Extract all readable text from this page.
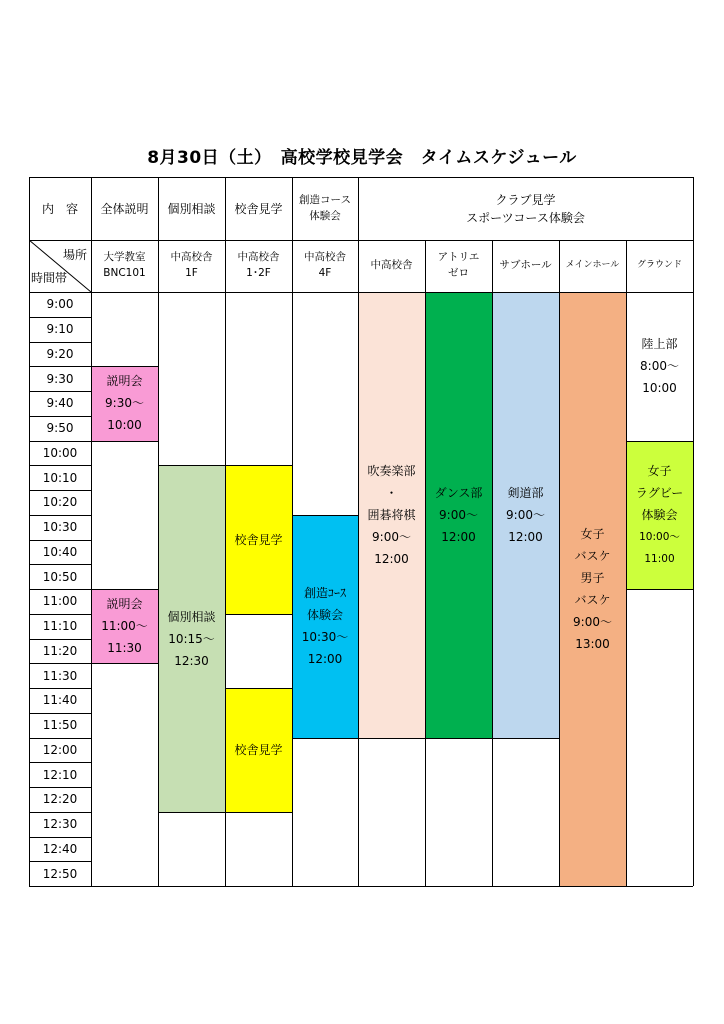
8月30日（土）　高校学校見学会　タイムスケジュール
説明会
9:30～
10:00
説明会
11:00～
11:30
個別相談
10:15～
12:30
校舎見学
校舎見学
創造ｺｰｽ
体験会
10:30～
12:00
吹奏楽部
・
囲碁将棋
9:00～
12:00
ダンス部
9:00～
12:00
剣道部
9:00～
12:00	女子
バスケ
男子
バスケ
9:00～
13:00
陸上部
8:00～
10:00
女子
ラグビー
体験会
10:00～
11:00
内　容 全体説明 個別相談 校舎見学
創造コース
体験会
クラブ見学
スポーツコース体験会
場所
時間帯
大学教室
BNC101
中高校舎
1F
中高校舎
1･2F
中高校舎
4F
中高校舎
アトリエ
ゼロ
サブホール メインホール グラウンド
9:00
9:10
9:20
9:30
9:40
9:50
10:00
10:10
10:20
10:30
10:40
10:50
11:00
11:10
11:20
11:30
11:40
11:50
12:00
12:10
12:20
12:30
12:40
12:50
